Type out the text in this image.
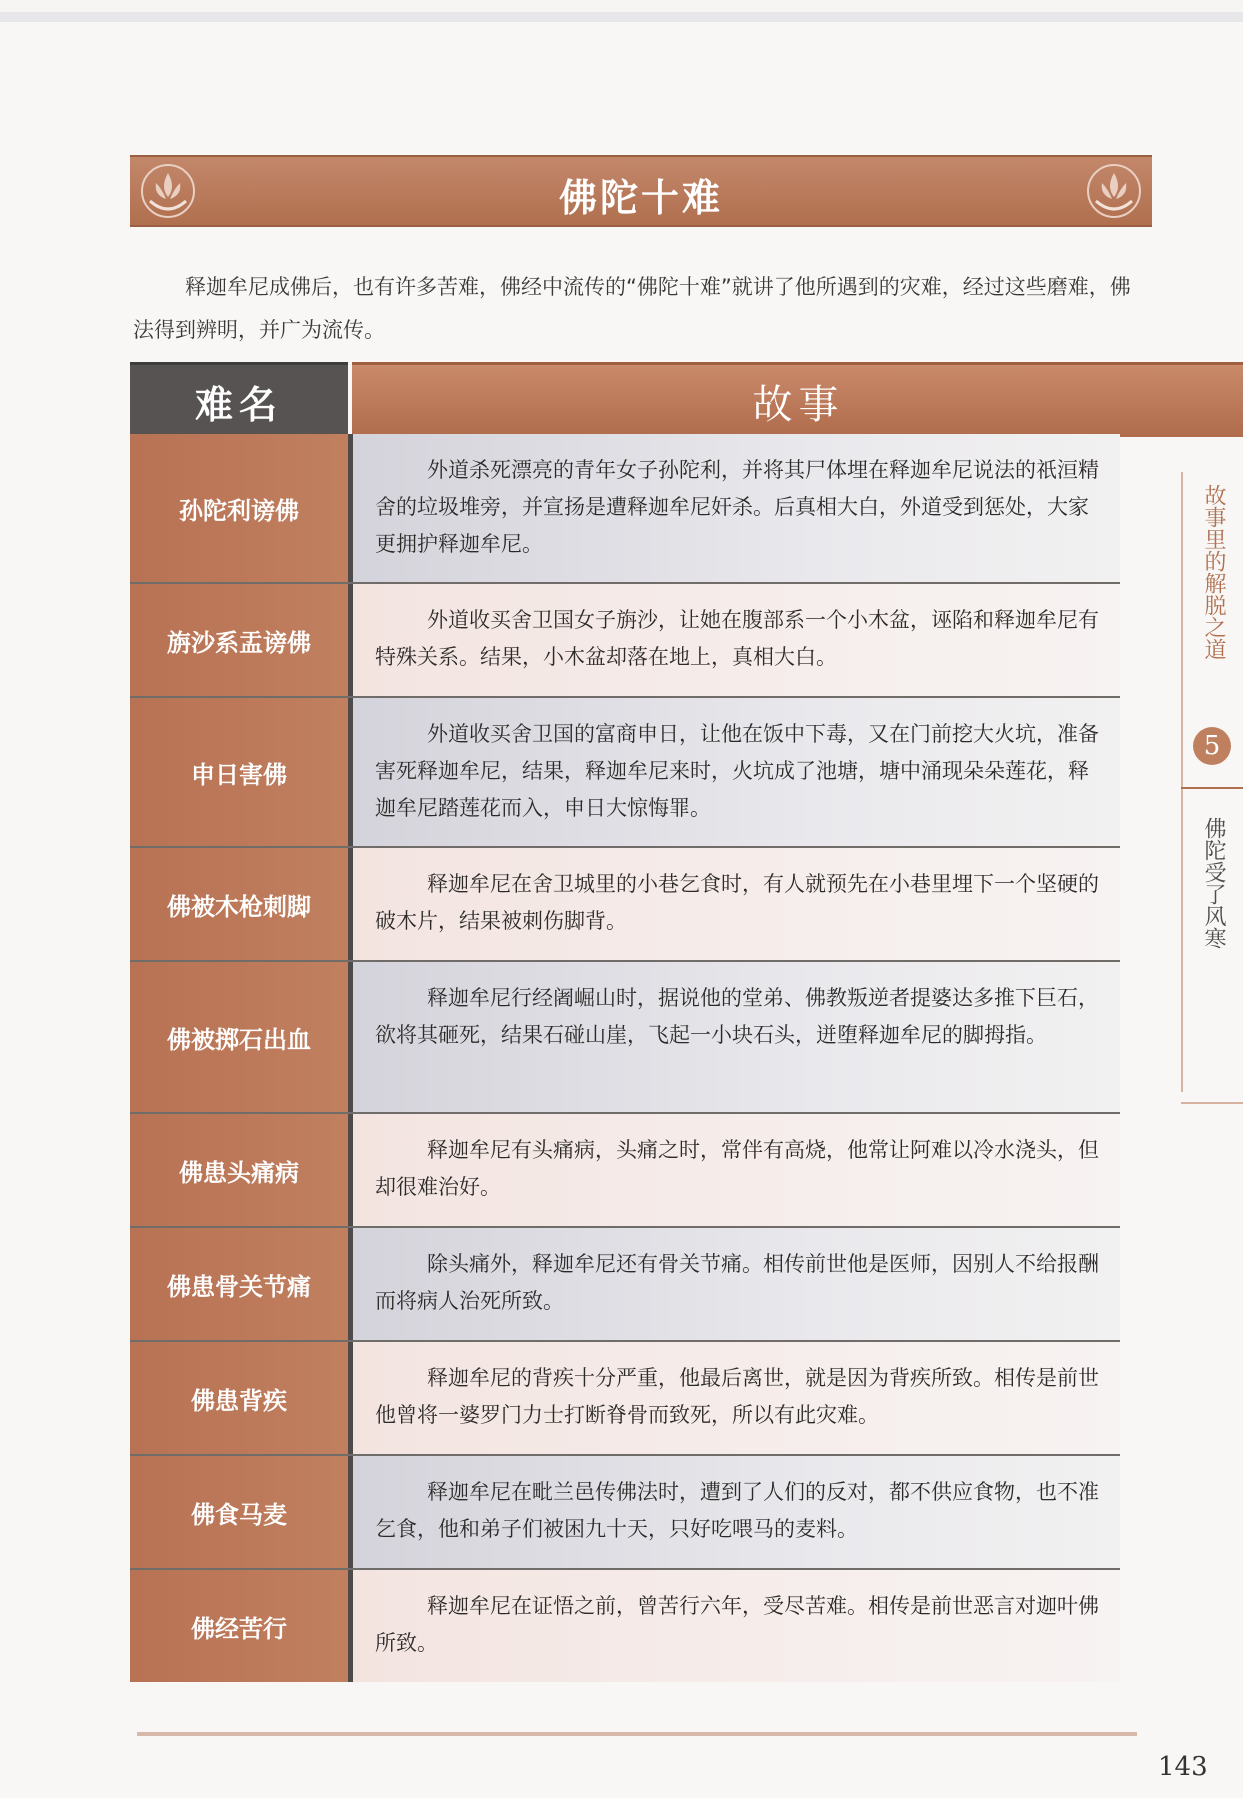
佛陀十难

释迦牟尼成佛后，也有许多苦难，佛经中流传的“佛陀十难”就讲了他所遇到的灾难，经过这些磨难，佛法得到辨明，并广为流传。

难名	故事
孙陀利谤佛
外道杀死漂亮的青年女子孙陀利，并将其尸体埋在释迦牟尼说法的祇洹精舍的垃圾堆旁，并宣扬是遭释迦牟尼奸杀。后真相大白，外道受到惩处，大家更拥护释迦牟尼。
旃沙系盂谤佛
外道收买舍卫国女子旃沙，让她在腹部系一个小木盆，诬陷和释迦牟尼有特殊关系。结果，小木盆却落在地上，真相大白。
申日害佛
外道收买舍卫国的富商申日，让他在饭中下毒，又在门前挖大火坑，准备害死释迦牟尼，结果，释迦牟尼来时，火坑成了池塘，塘中涌现朵朵莲花，释迦牟尼踏莲花而入，申日大惊悔罪。
佛被木枪刺脚
释迦牟尼在舍卫城里的小巷乞食时，有人就预先在小巷里埋下一个坚硬的破木片，结果被刺伤脚背。
佛被掷石出血
释迦牟尼行经阇崛山时，据说他的堂弟、佛教叛逆者提婆达多推下巨石，欲将其砸死，结果石碰山崖，飞起一小块石头，迸堕释迦牟尼的脚拇指。
佛患头痛病
释迦牟尼有头痛病，头痛之时，常伴有高烧，他常让阿难以冷水浇头，但却很难治好。
佛患骨关节痛
除头痛外，释迦牟尼还有骨关节痛。相传前世他是医师，因别人不给报酬而将病人治死所致。
佛患背疾
释迦牟尼的背疾十分严重，他最后离世，就是因为背疾所致。相传是前世他曾将一婆罗门力士打断脊骨而致死，所以有此灾难。
佛食马麦
释迦牟尼在毗兰邑传佛法时，遭到了人们的反对，都不供应食物，也不准乞食，他和弟子们被困九十天，只好吃喂马的麦料。
佛经苦行
释迦牟尼在证悟之前，曾苦行六年，受尽苦难。相传是前世恶言对迦叶佛所致。
故事里的解脱之道
5
佛陀受了风寒
143
